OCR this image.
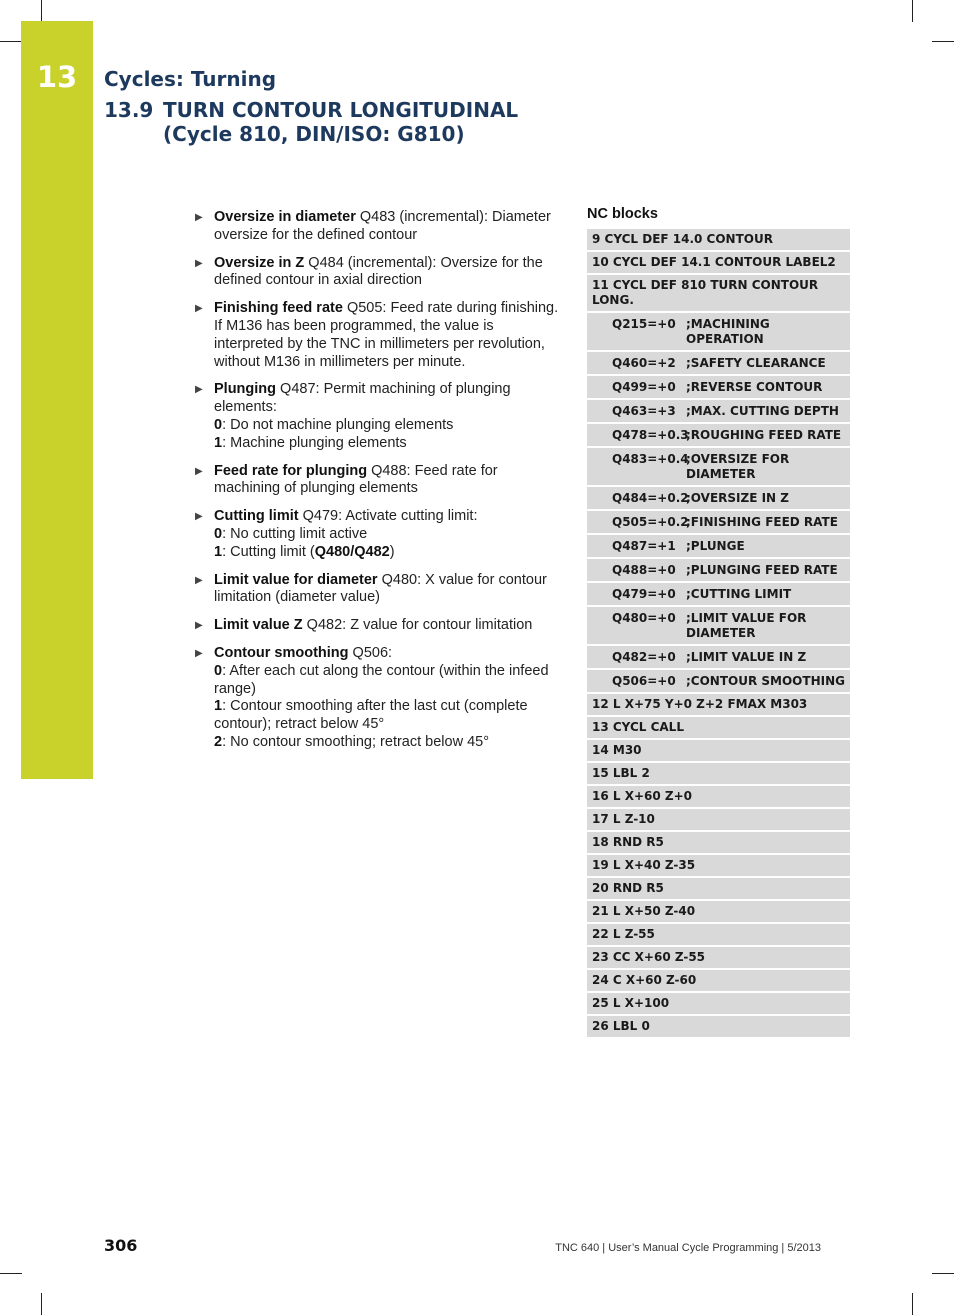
13	Cycles: Turning
13.9 TURN CONTOUR LONGITUDINAL
(Cycle 810, DIN/ISO: G810)
▶ Oversize in diameter Q483 (incremental): Diameter oversize for the defined contour
▶ Oversize in Z Q484 (incremental): Oversize for the defined contour in axial direction
▶ Finishing feed rate Q505: Feed rate during finishing. If M136 has been programmed, the value is interpreted by the TNC in millimeters per revolution, without M136 in millimeters per minute.
▶ Plunging Q487: Permit machining of plunging elements:
0: Do not machine plunging elements
1: Machine plunging elements
▶ Feed rate for plunging Q488: Feed rate for machining of plunging elements
▶ Cutting limit Q479: Activate cutting limit:
0: No cutting limit active
1: Cutting limit (Q480/Q482)
▶ Limit value for diameter Q480: X value for contour limitation (diameter value)
▶ Limit value Z Q482: Z value for contour limitation
▶ Contour smoothing Q506:
0: After each cut along the contour (within the infeed range)
1: Contour smoothing after the last cut (complete contour); retract below 45°
2: No contour smoothing; retract below 45°
NC blocks
9 CYCL DEF 14.0 CONTOUR
10 CYCL DEF 14.1 CONTOUR LABEL2
11 CYCL DEF 810 TURN CONTOUR LONG.
Q215=+0 ;MACHINING OPERATION
Q460=+2 ;SAFETY CLEARANCE
Q499=+0 ;REVERSE CONTOUR
Q463=+3 ;MAX. CUTTING DEPTH
Q478=+0.3
;ROUGHING FEED RATE
Q483=+0.4
;OVERSIZE FOR DIAMETER
Q484=+0.2
;OVERSIZE IN Z
Q505=+0.2
;FINISHING FEED RATE
Q487=+1 ;PLUNGE
Q488=+0 ;PLUNGING FEED RATE
Q479=+0 ;CUTTING LIMIT
Q480=+0 ;LIMIT VALUE FOR DIAMETER
Q482=+0 ;LIMIT VALUE IN Z
Q506=+0 ;CONTOUR SMOOTHING
12 L X+75 Y+0 Z+2 FMAX M303
13 CYCL CALL
14 M30
15 LBL 2
16 L X+60 Z+0
17 L Z-10
18 RND R5
19 L X+40 Z-35
20 RND R5
21 L X+50 Z-40
22 L Z-55
23 CC X+60 Z-55
24 C X+60 Z-60
25 L X+100
26 LBL 0
306	TNC 640 | User’s Manual Cycle Programming | 5/2013
